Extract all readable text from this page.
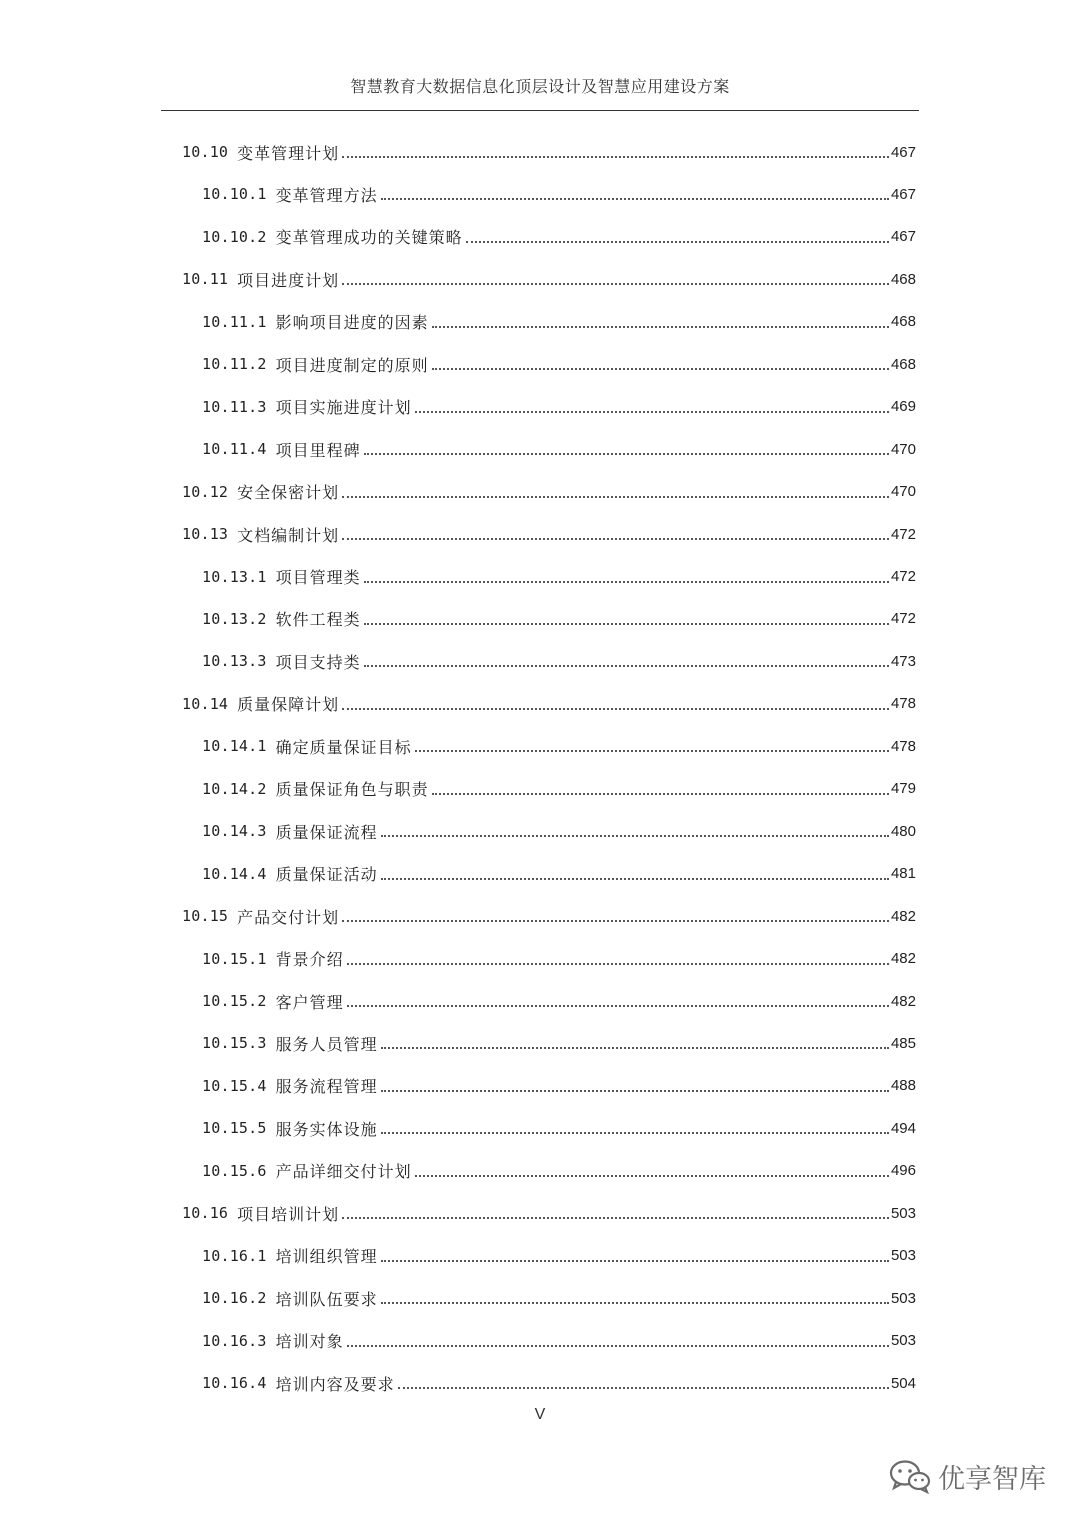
智慧教育大数据信息化顶层设计及智慧应用建设方案
10.10 变革管理计划	467
10.10.1 变革管理方法	467
10.10.2 变革管理成功的关键策略	467
10.11 项目进度计划	468
10.11.1 影响项目进度的因素	468
10.11.2 项目进度制定的原则	468
10.11.3 项目实施进度计划	469
10.11.4 项目里程碑	470
10.12 安全保密计划	470
10.13 文档编制计划	472
10.13.1 项目管理类	472
10.13.2 软件工程类	472
10.13.3 项目支持类	473
10.14 质量保障计划	478
10.14.1 确定质量保证目标	478
10.14.2 质量保证角色与职责	479
10.14.3 质量保证流程	480
10.14.4 质量保证活动	481
10.15 产品交付计划	482
10.15.1 背景介绍	482
10.15.2 客户管理	482
10.15.3 服务人员管理	485
10.15.4 服务流程管理	488
10.15.5 服务实体设施	494
10.15.6 产品详细交付计划	496
10.16 项目培训计划	503
10.16.1 培训组织管理	503
10.16.2 培训队伍要求	503
10.16.3 培训对象	503
10.16.4 培训内容及要求	504
V
优享智库
